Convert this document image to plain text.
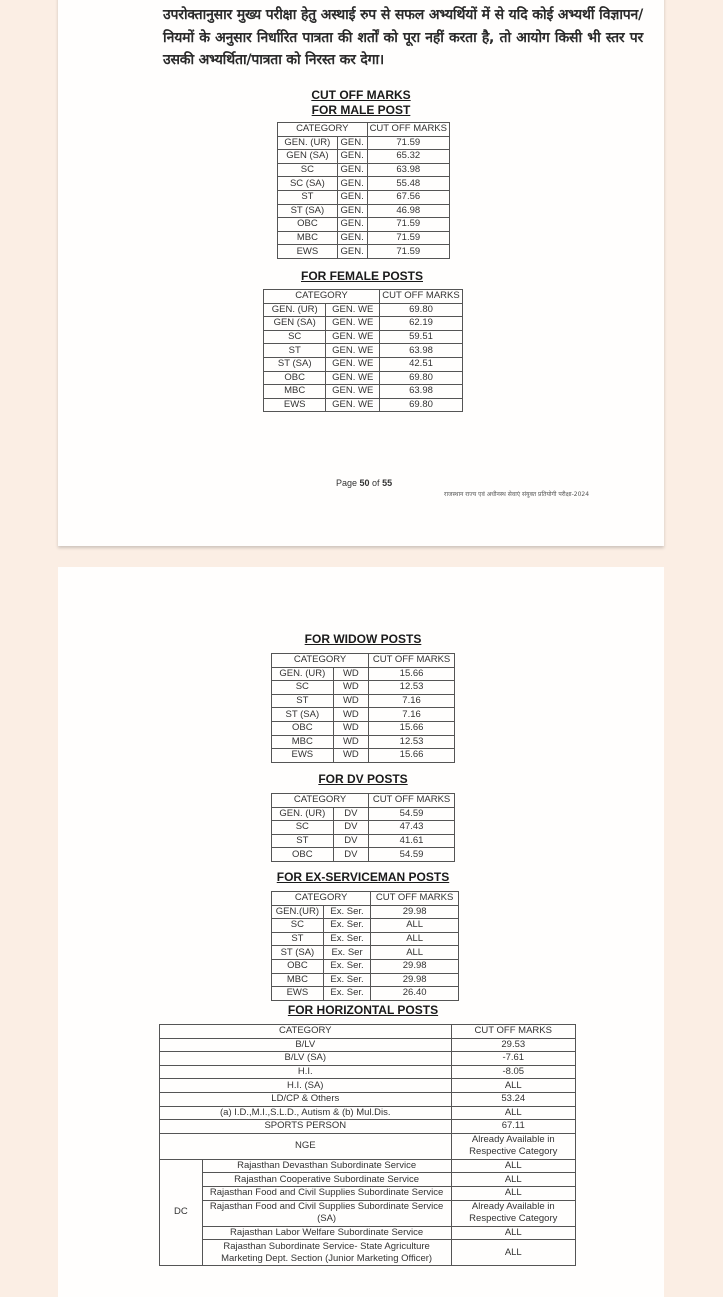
उपरोक्तानुसार मुख्य परीक्षा हेतु अस्थाई रुप से सफल अभ्यर्थियों में से यदि कोई अभ्यर्थी विज्ञापन/नियमों के अनुसार निर्धारित पात्रता की शर्तों को पूरा नहीं करता है, तो आयोग किसी भी स्तर पर उसकी अभ्यर्थिता/पात्रता को निरस्त कर देगा।
CUT OFF MARKS
FOR MALE POST
CATEGORY		CUT OFF MARKS
GEN. (UR)	GEN.	71.59
GEN (SA)	GEN.	65.32
SC	GEN.	63.98
SC (SA)	GEN.	55.48
ST	GEN.	67.56
ST (SA)	GEN.	46.98
OBC	GEN.	71.59
MBC	GEN.	71.59
EWS	GEN.	71.59
FOR FEMALE POSTS
CATEGORY		CUT OFF MARKS
GEN. (UR)	GEN. WE	69.80
GEN (SA)	GEN. WE	62.19
SC	GEN. WE	59.51
ST	GEN. WE	63.98
ST (SA)	GEN. WE	42.51
OBC	GEN. WE	69.80
MBC	GEN. WE	63.98
EWS	GEN. WE	69.80
Page 50 of 55
राजस्थान राज्य एवं अधीनस्थ सेवाएं संयुक्त प्रतियोगी परीक्षा-2024
FOR WIDOW POSTS
CATEGORY		CUT OFF MARKS
GEN. (UR)	WD	15.66
SC	WD	12.53
ST	WD	7.16
ST (SA)	WD	7.16
OBC	WD	15.66
MBC	WD	12.53
EWS	WD	15.66
FOR DV POSTS
CATEGORY		CUT OFF MARKS
GEN. (UR)	DV	54.59
SC	DV	47.43
ST	DV	41.61
OBC	DV	54.59
FOR EX-SERVICEMAN POSTS
CATEGORY		CUT OFF MARKS
GEN.(UR)	Ex. Ser.	29.98
SC	Ex. Ser.	ALL
ST	Ex. Ser.	ALL
ST (SA)	Ex. Ser	ALL
OBC	Ex. Ser.	29.98
MBC	Ex. Ser.	29.98
EWS	Ex. Ser.	26.40
FOR HORIZONTAL POSTS
CATEGORY		CUT OFF MARKS
B/LV		29.53
B/LV (SA)		-7.61
H.I.		-8.05
H.I. (SA)		ALL
LD/CP & Others		53.24
(a) I.D.,M.I.,S.L.D., Autism & (b) Mul.Dis.		ALL
SPORTS PERSON		67.11
NGE		Already Available in Respective Category
DC	Rajasthan Devasthan Subordinate Service	ALL
	Rajasthan Cooperative Subordinate Service	ALL
	Rajasthan Food and Civil Supplies Subordinate Service	ALL
	Rajasthan Food and Civil Supplies Subordinate Service (SA)	Already Available in Respective Category
	Rajasthan Labor Welfare Subordinate Service	ALL
	Rajasthan Subordinate Service- State Agriculture Marketing Dept. Section (Junior Marketing Officer)	ALL
